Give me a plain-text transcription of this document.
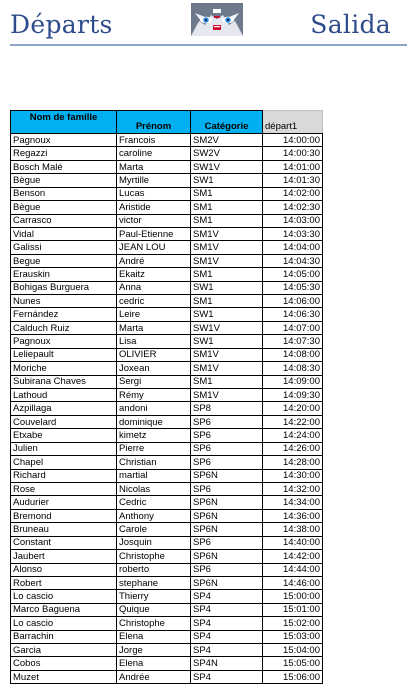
Départs	Salida
Nom de famille	Prénom	Catégorie	départ1
Pagnoux	Francois	SM2V	14:00:00
Regazzi	caroline	SW2V	14:00:30
Bosch Malé	Marta	SW1V	14:01:00
Bègue	Myrtille	SW1	14:01:30
Benson	Lucas	SM1	14:02:00
Bègue	Aristide	SM1	14:02:30
Carrasco	victor	SM1	14:03:00
Vidal	Paul-Etienne	SM1V	14:03:30
Galissi	JEAN LOU	SM1V	14:04:00
Begue	André	SM1V	14:04:30
Erauskin	Ekaitz	SM1	14:05:00
Bohigas Burguera	Anna	SW1	14:05:30
Nunes	cedric	SM1	14:06:00
Fernández	Leire	SW1	14:06:30
Calduch Ruiz	Marta	SW1V	14:07:00
Pagnoux	Lisa	SW1	14:07:30
Leliepault	OLIVIER	SM1V	14:08:00
Moriche	Joxean	SM1V	14:08:30
Subirana Chaves	Sergi	SM1	14:09:00
Lathoud	Rémy	SM1V	14:09:30
Azpillaga	andoni	SP8	14:20:00
Couvelard	dominique	SP6	14:22:00
Etxabe	kimetz	SP6	14:24:00
Julien	Pierre	SP6	14:26:00
Chapel	Christian	SP6	14:28:00
Richard	martial	SP6N	14:30:00
Rose	Nicolas	SP6	14:32:00
Audurier	Cedric	SP6N	14:34:00
Bremond	Anthony	SP6N	14:36:00
Bruneau	Carole	SP6N	14:38:00
Constant	Josquin	SP6	14:40:00
Jaubert	Christophe	SP6N	14:42:00
Alonso	roberto	SP6	14:44:00
Robert	stephane	SP6N	14:46:00
Lo cascio	Thierry	SP4	15:00:00
Marco Baguena	Quique	SP4	15:01:00
Lo cascio	Christophe	SP4	15:02:00
Barrachin	Elena	SP4	15:03:00
Garcia	Jorge	SP4	15:04:00
Cobos	Elena	SP4N	15:05:00
Muzet	Andrée	SP4	15:06:00
